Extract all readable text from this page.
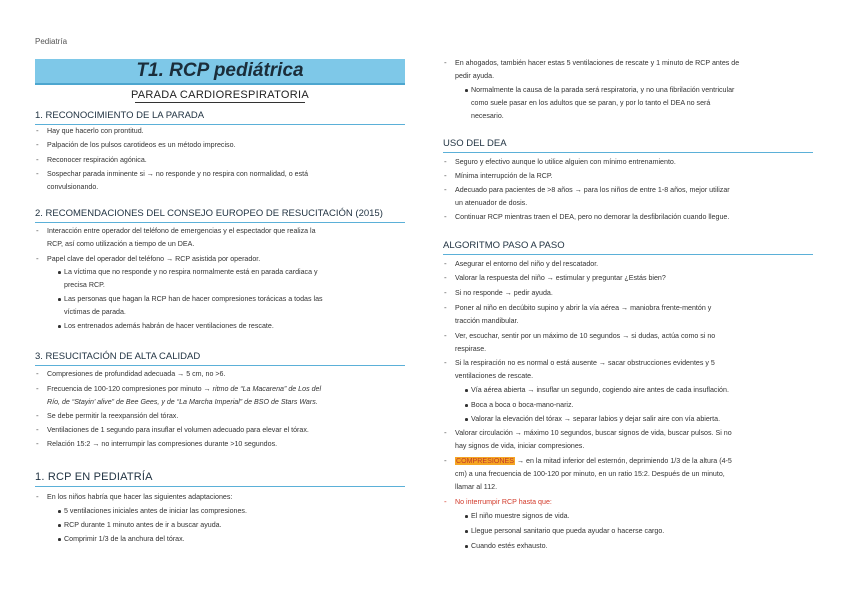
Pediatría
T1. RCP pediátrica
PARADA CARDIORESPIRATORIA
1. RECONOCIMIENTO DE LA PARADA
- Hay que hacerlo con prontitud.
- Palpación de los pulsos carotideos es un método impreciso.
- Reconocer respiración agónica.
- Sospechar parada inminente si → no responde y no respira con normalidad, o está
convulsionando.
2. RECOMENDACIONES DEL CONSEJO EUROPEO DE RESUCITACIÓN (2015)
- Interacción entre operador del teléfono de emergencias y el espectador que realiza la
RCP, así como utilización a tiempo de un DEA.
- Papel clave del operador del teléfono → RCP asistida por operador.
La víctima que no responde y no respira normalmente está en parada cardiaca y
precisa RCP.
Las personas que hagan la RCP han de hacer compresiones torácicas a todas las
víctimas de parada.
Los entrenados además habrán de hacer ventilaciones de rescate.
3. RESUCITACIÓN DE ALTA CALIDAD
- Compresiones de profundidad adecuada → 5 cm, no >6.
- Frecuencia de 100-120 compresiones por minuto → ritmo de “La Macarena” de Los del
Río, de “Stayin’ alive” de Bee Gees, y de “La Marcha Imperial” de BSO de Stars Wars.
- Se debe permitir la reexpansión del tórax.
- Ventilaciones de 1 segundo para insuflar el volumen adecuado para elevar el tórax.
- Relación 15:2 → no interrumpir las compresiones durante >10 segundos.
1. RCP EN PEDIATRÍA
- En los niños habría que hacer las siguientes adaptaciones:
5 ventilaciones iniciales antes de iniciar las compresiones.
RCP durante 1 minuto antes de ir a buscar ayuda.
Comprimir 1/3 de la anchura del tórax.
- En ahogados, también hacer estas 5 ventilaciones de rescate y 1 minuto de RCP antes de
pedir ayuda.
Normalmente la causa de la parada será respiratoria, y no una fibrilación ventricular
como suele pasar en los adultos que se paran, y por lo tanto el DEA no será
necesario.
USO DEL DEA
- Seguro y efectivo aunque lo utilice alguien con mínimo entrenamiento.
- Mínima interrupción de la RCP.
- Adecuado para pacientes de >8 años → para los niños de entre 1-8 años, mejor utilizar
un atenuador de dosis.
- Continuar RCP mientras traen el DEA, pero no demorar la desfibrilación cuando llegue.
ALGORITMO PASO A PASO
- Asegurar el entorno del niño y del rescatador.
- Valorar la respuesta del niño → estimular y preguntar ¿Estás bien?
- Si no responde → pedir ayuda.
- Poner al niño en decúbito supino y abrir la vía aérea → maniobra frente-mentón y
tracción mandibular.
- Ver, escuchar, sentir por un máximo de 10 segundos → si dudas, actúa como si no
respirase.
- Si la respiración no es normal o está ausente → sacar obstrucciones evidentes y 5
ventilaciones de rescate.
Vía aérea abierta → insuflar un segundo, cogiendo aire antes de cada insuflación.
Boca a boca o boca-mano-nariz.
Valorar la elevación del tórax → separar labios y dejar salir aire con vía abierta.
- Valorar circulación → máximo 10 segundos, buscar signos de vida, buscar pulsos. Si no
hay signos de vida, iniciar compresiones.
- COMPRESIONES → en la mitad inferior del esternón, deprimiendo 1/3 de la altura (4-5
cm) a una frecuencia de 100-120 por minuto, en un ratio 15:2. Después de un minuto,
llamar al 112.
- No interrumpir RCP hasta que:
El niño muestre signos de vida.
Llegue personal sanitario que pueda ayudar o hacerse cargo.
Cuando estés exhausto.
